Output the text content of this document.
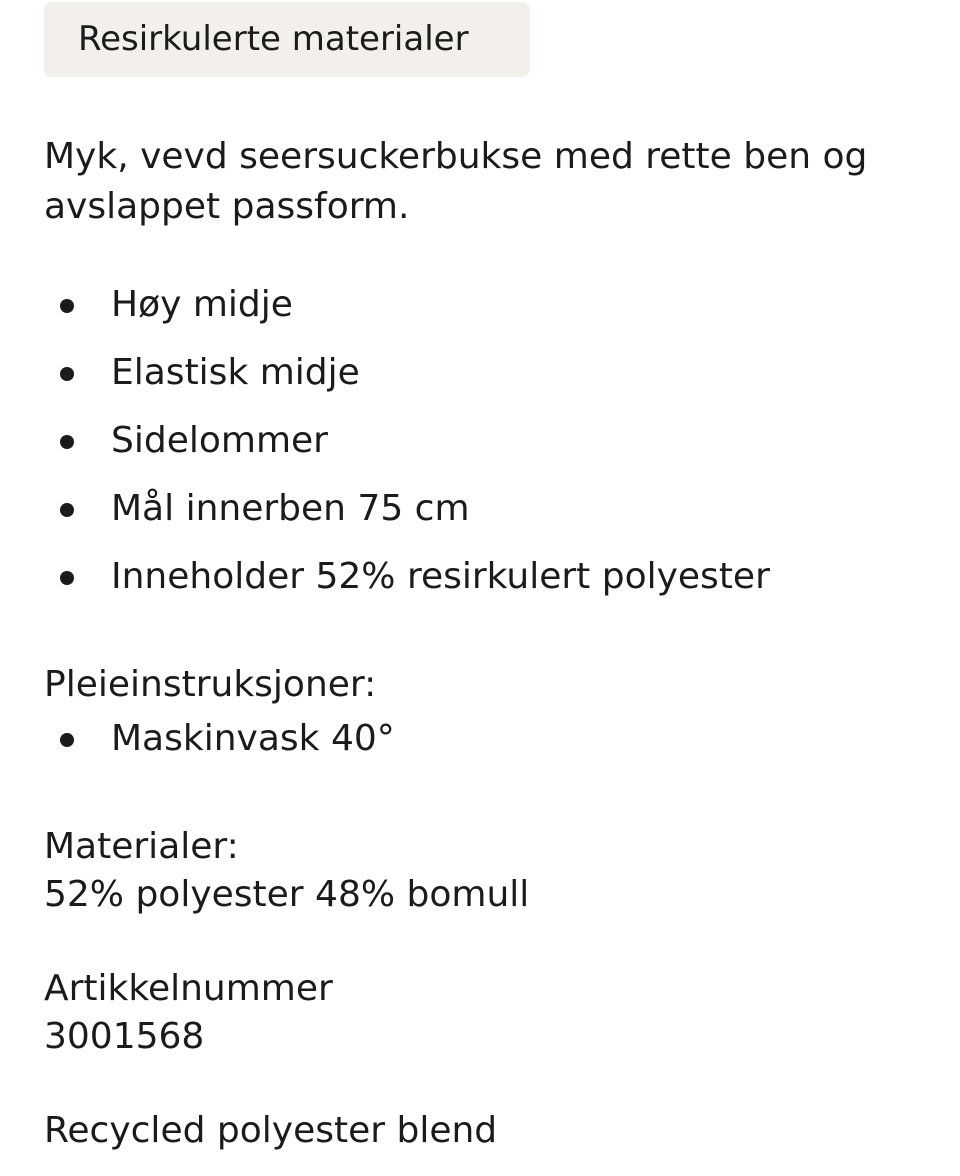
Resirkulerte materialer
Myk, vevd seersuckerbukse med rette ben og
avslappet passform.
Høy midje
Elastisk midje
Sidelommer
Mål innerben 75 cm
Inneholder 52% resirkulert polyester
Pleieinstruksjoner:
Maskinvask 40°
Materialer:
52% polyester 48% bomull
Artikkelnummer
3001568
Recycled polyester blend
